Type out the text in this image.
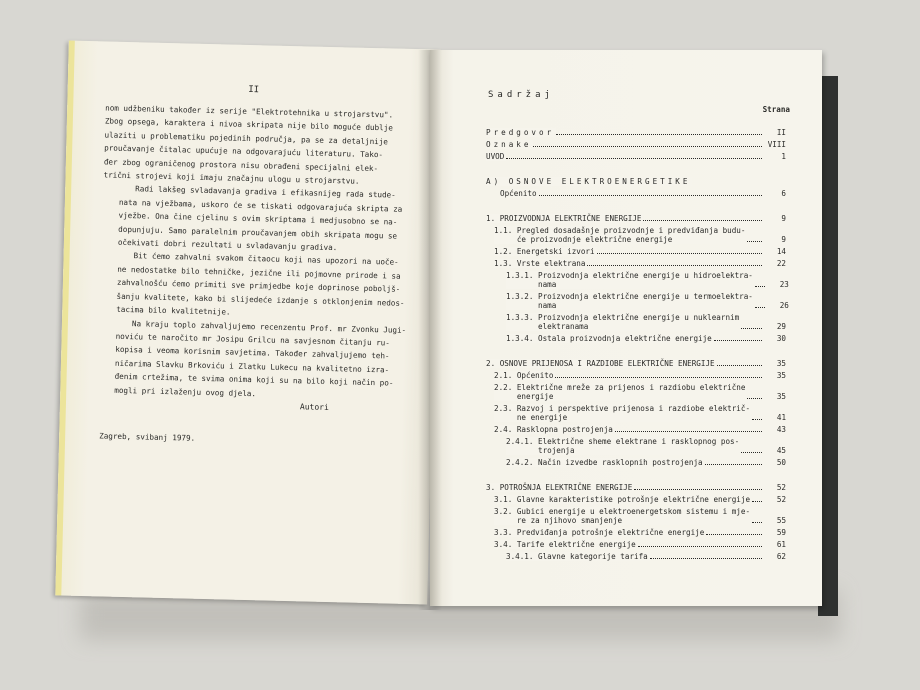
II
nom udžbeniku također iz serije "Elektrotehnika u strojarstvu".
Zbog opsega, karaktera i nivoa skripata nije bilo moguće dublje
ulaziti u problematiku pojedinih područja, pa se za detaljnije
proučavanje čitalac upućuje na odgovarajuću literaturu. Tako-
đer zbog ograničenog prostora nisu obrađeni specijalni elek-
trični strojevi koji imaju značajnu ulogu u strojarstvu.
Radi lakšeg svladavanja gradiva i efikasnijeg rada stude-
nata na vježbama, uskoro će se tiskati odgovarajuća skripta za
vježbe. Ona čine cjelinu s ovim skriptama i medjusobno se na-
dopunjuju. Samo paralelnim proučavanjem obih skripata mogu se
očekivati dobri rezultati u svladavanju gradiva.
Bit ćemo zahvalni svakom čitaocu koji nas upozori na uoče-
ne nedostatke bilo tehničke, jezične ili pojmovne prirode i sa
zahvalnošću ćemo primiti sve primjedbe koje doprinose poboljš-
šanju kvalitete, kako bi slijedeće izdanje s otklonjenim nedos-
tacima bilo kvalitetnije.
Na kraju toplo zahvaljujemo recenzentu Prof. mr Zvonku Jugi-
noviću te naročito mr Josipu Grilcu na savjesnom čitanju ru-
kopisa i veoma korisnim savjetima. Također zahvaljujemo teh-
ničarima Slavku Brkoviću i Zlatku Lukecu na kvalitetno izra-
đenim crtežima, te svima onima koji su na bilo koji način po-
mogli pri izlaženju ovog djela.
Autori
Zagreb, svibanj 1979.
Sadržaj
Strana
Predgovor	II
Oznake	VIII
UVOD	1
A) OSNOVE ELEKTROENERGETIKE
Općenito	6
1. PROIZVODNJA ELEKTRIČNE ENERGIJE	9
1.1. Pregled dosadašnje proizvodnje i predviđanja budu-
će proizvodnje električne energije	9
1.2. Energetski izvori	14
1.3. Vrste elektrana	22
1.3.1. Proizvodnja električne energije u hidroelektra-
nama	23
1.3.2. Proizvodnja električne energije u termoelektra-
nama	26
1.3.3. Proizvodnja električne energije u nuklearnim
elektranama	29
1.3.4. Ostala proizvodnja električne energije	30
2. OSNOVE PRIJENOSA I RAZDIOBE ELEKTRIČNE ENERGIJE	35
2.1. Općenito	35
2.2. Električne mreže za prijenos i razdiobu električne
energije	35
2.3. Razvoj i perspektive prijenosa i razdiobe električ-
ne energije	41
2.4. Rasklopna postrojenja	43
2.4.1. Električne sheme elektrane i rasklopnog pos-
trojenja	45
2.4.2. Način izvedbe rasklopnih postrojenja	50
3. POTROŠNJA ELEKTRIČNE ENERGIJE	52
3.1. Glavne karakteristike potrošnje električne energije	52
3.2. Gubici energije u elektroenergetskom sistemu i mje-
re za njihovo smanjenje	55
3.3. Predviđanja potrošnje električne energije	59
3.4. Tarife električne energije	61
3.4.1. Glavne kategorije tarifa	62
